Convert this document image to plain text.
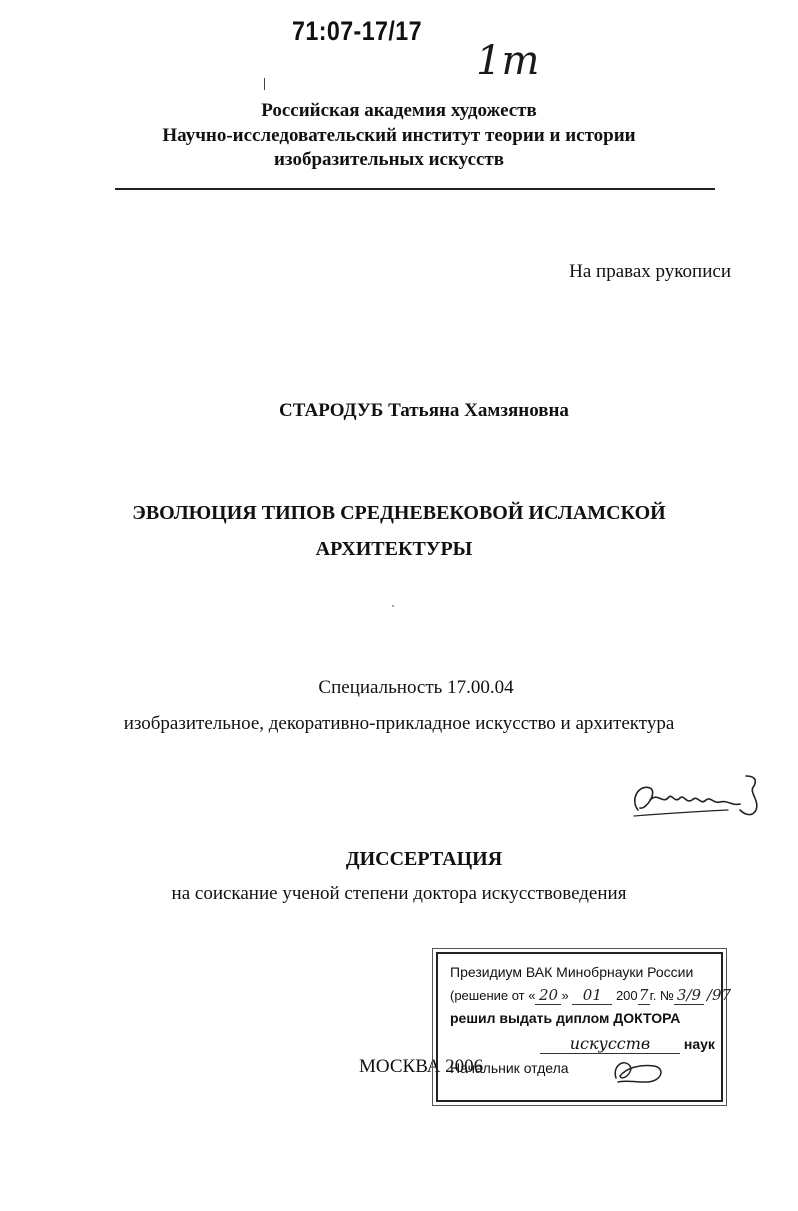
71:07-17/17
1т
Российская академия художеств
Научно-исследовательский институт теории и истории
изобразительных искусств
На правах рукописи
СТАРОДУБ Татьяна Хамзяновна
ЭВОЛЮЦИЯ ТИПОВ СРЕДНЕВЕКОВОЙ ИСЛАМСКОЙ
АРХИТЕКТУРЫ
Специальность 17.00.04
изобразительное, декоративно-прикладное искусство и архитектура
ДИССЕРТАЦИЯ
на соискание ученой степени доктора искусствоведения
МОСКВА 2006
Президиум ВАК Минобрнауки России
(решение от « 20 » 01 2007г. № 3/9 /97
решил выдать диплом ДОКТОРА
искусств наук
Начальник отдела
